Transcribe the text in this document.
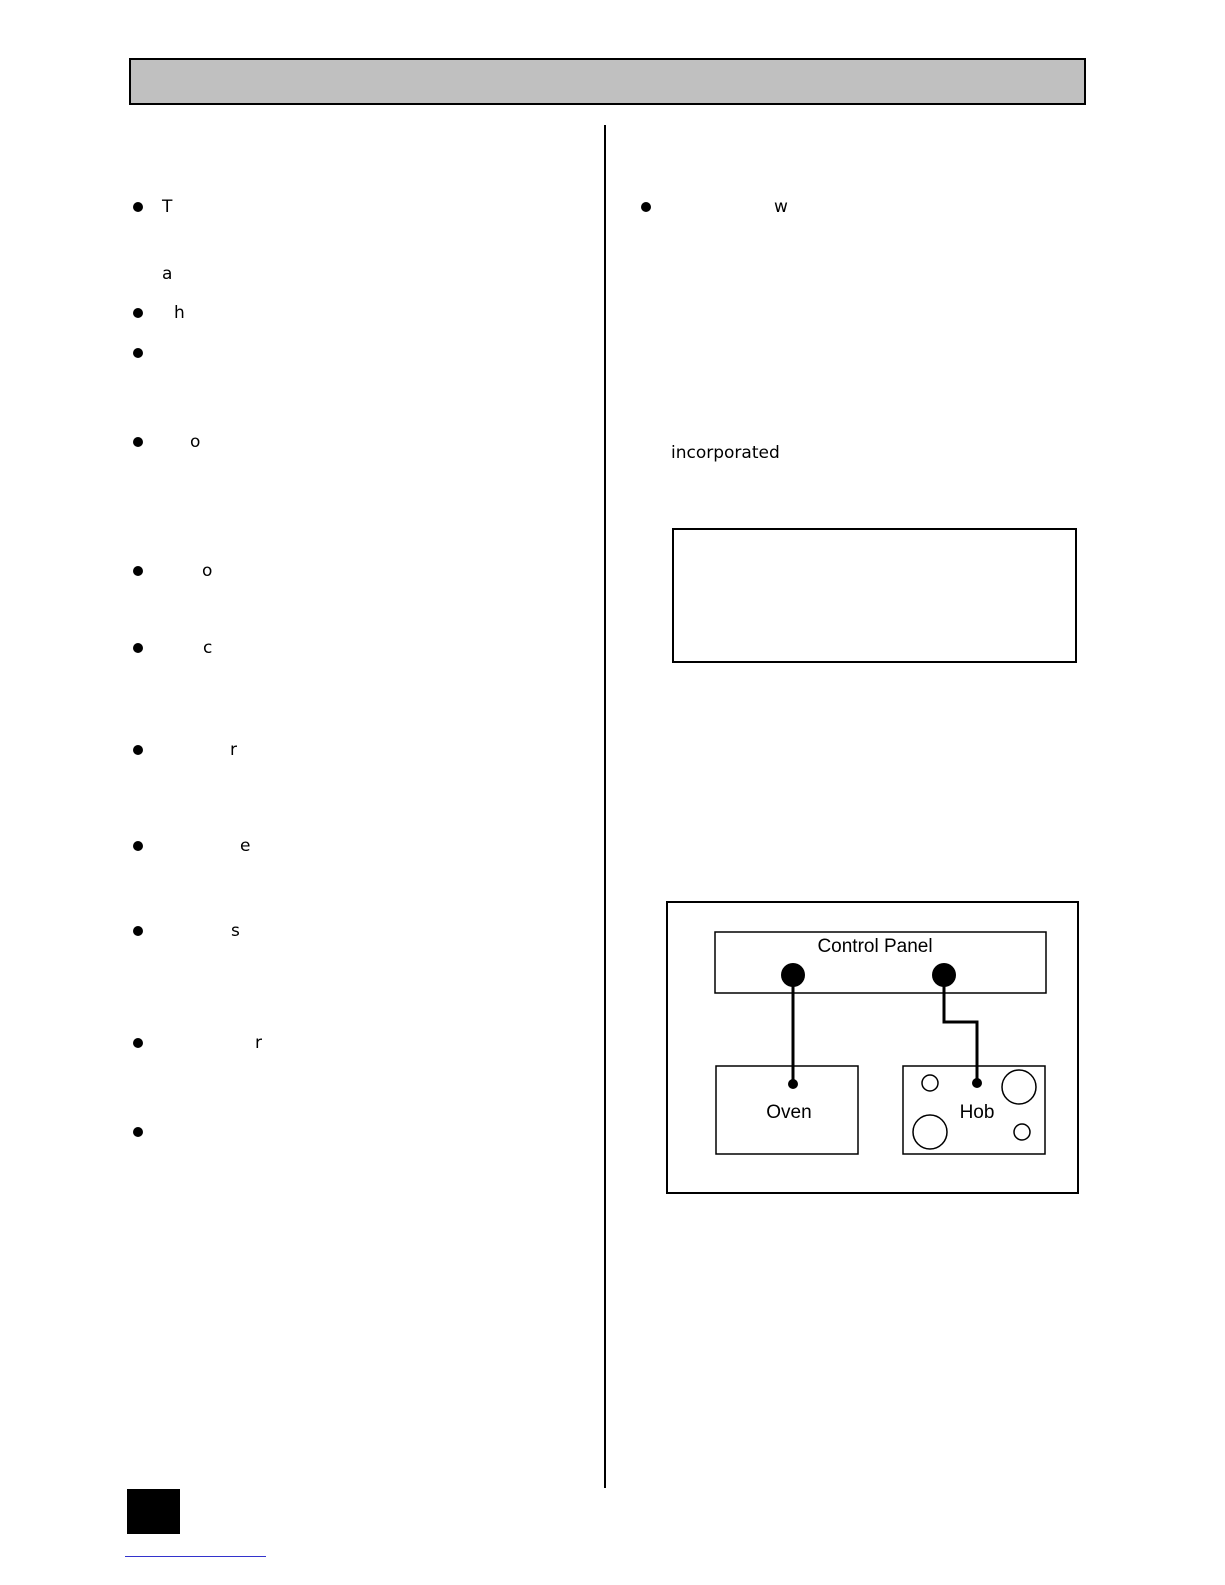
T
a
h
o
o
c
r
e
s
r
w
incorporated
Control Panel
Oven	Hob
